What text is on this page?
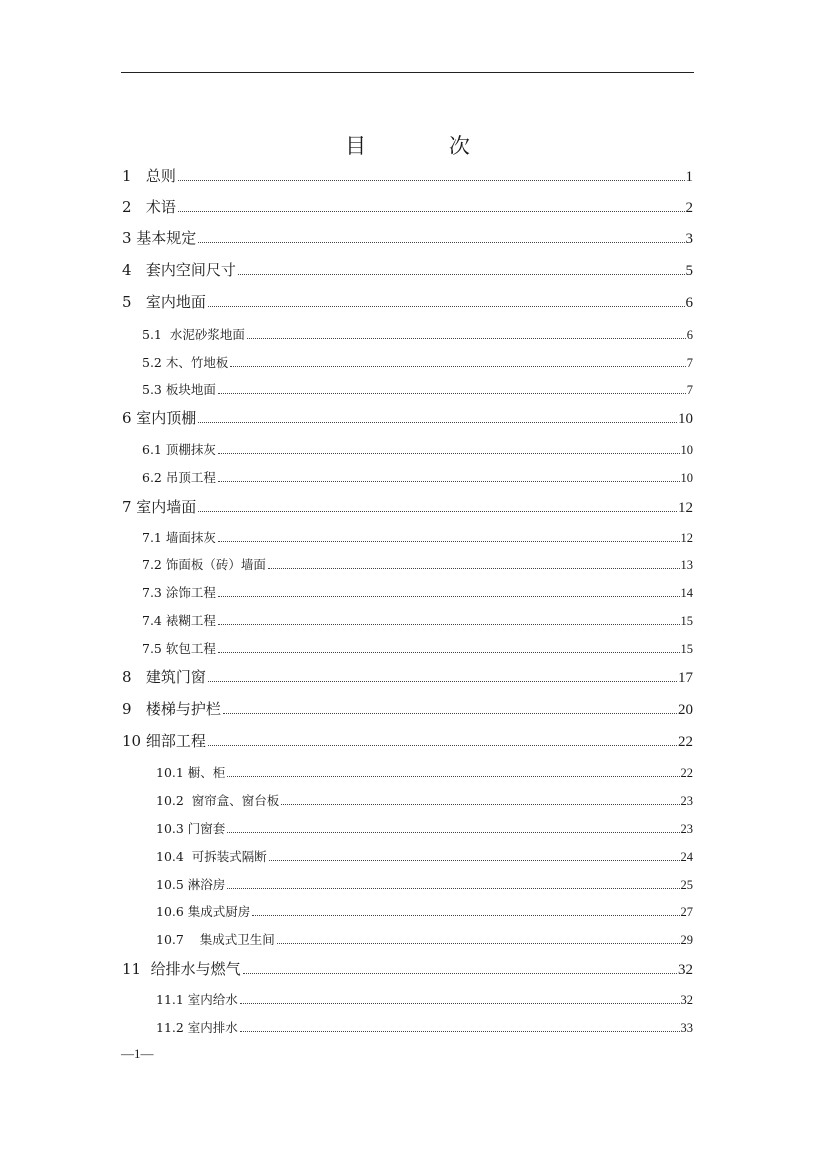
目 次
1   总则	1
2   术语	2
3 基本规定	3
4   套内空间尺寸	5
5   室内地面	6
5.1  水泥砂浆地面	6
5.2 木、竹地板	7
5.3 板块地面	7
6 室内顶棚	10
6.1 顶棚抹灰	10
6.2 吊顶工程	10
7 室内墙面	12
7.1 墙面抹灰	12
7.2 饰面板（砖）墙面	13
7.3 涂饰工程	14
7.4 裱糊工程	15
7.5 软包工程	15
8   建筑门窗	17
9   楼梯与护栏	20
10 细部工程	22
10.1 橱、柜	22
10.2  窗帘盒、窗台板	23
10.3 门窗套	23
10.4  可拆装式隔断	24
10.5 淋浴房	25
10.6 集成式厨房	27
10.7    集成式卫生间	29
11  给排水与燃气	32
11.1 室内给水	32
11.2 室内排水	33
—1—
